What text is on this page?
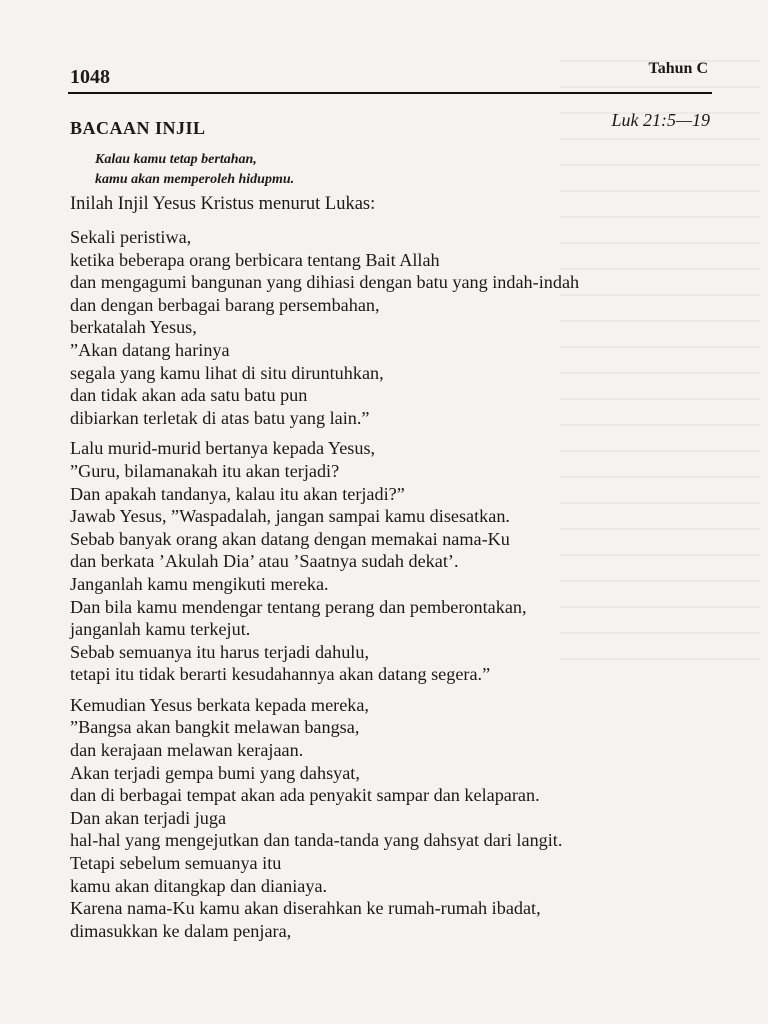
1048	Tahun C
BACAAN INJIL	Luk 21:5—19
Kalau kamu tetap bertahan,
kamu akan memperoleh hidupmu.
Inilah Injil Yesus Kristus menurut Lukas:
Sekali peristiwa,
ketika beberapa orang berbicara tentang Bait Allah
dan mengagumi bangunan yang dihiasi dengan batu yang indah-indah
dan dengan berbagai barang persembahan,
berkatalah Yesus,
”Akan datang harinya
segala yang kamu lihat di situ diruntuhkan,
dan tidak akan ada satu batu pun
dibiarkan terletak di atas batu yang lain.”
Lalu murid-murid bertanya kepada Yesus,
”Guru, bilamanakah itu akan terjadi?
Dan apakah tandanya, kalau itu akan terjadi?”
Jawab Yesus, ”Waspadalah, jangan sampai kamu disesatkan.
Sebab banyak orang akan datang dengan memakai nama-Ku
dan berkata ’Akulah Dia’ atau ’Saatnya sudah dekat’.
Janganlah kamu mengikuti mereka.
Dan bila kamu mendengar tentang perang dan pemberontakan,
janganlah kamu terkejut.
Sebab semuanya itu harus terjadi dahulu,
tetapi itu tidak berarti kesudahannya akan datang segera.”
Kemudian Yesus berkata kepada mereka,
”Bangsa akan bangkit melawan bangsa,
dan kerajaan melawan kerajaan.
Akan terjadi gempa bumi yang dahsyat,
dan di berbagai tempat akan ada penyakit sampar dan kelaparan.
Dan akan terjadi juga
hal-hal yang mengejutkan dan tanda-tanda yang dahsyat dari langit.
Tetapi sebelum semuanya itu
kamu akan ditangkap dan dianiaya.
Karena nama-Ku kamu akan diserahkan ke rumah-rumah ibadat,
dimasukkan ke dalam penjara,
